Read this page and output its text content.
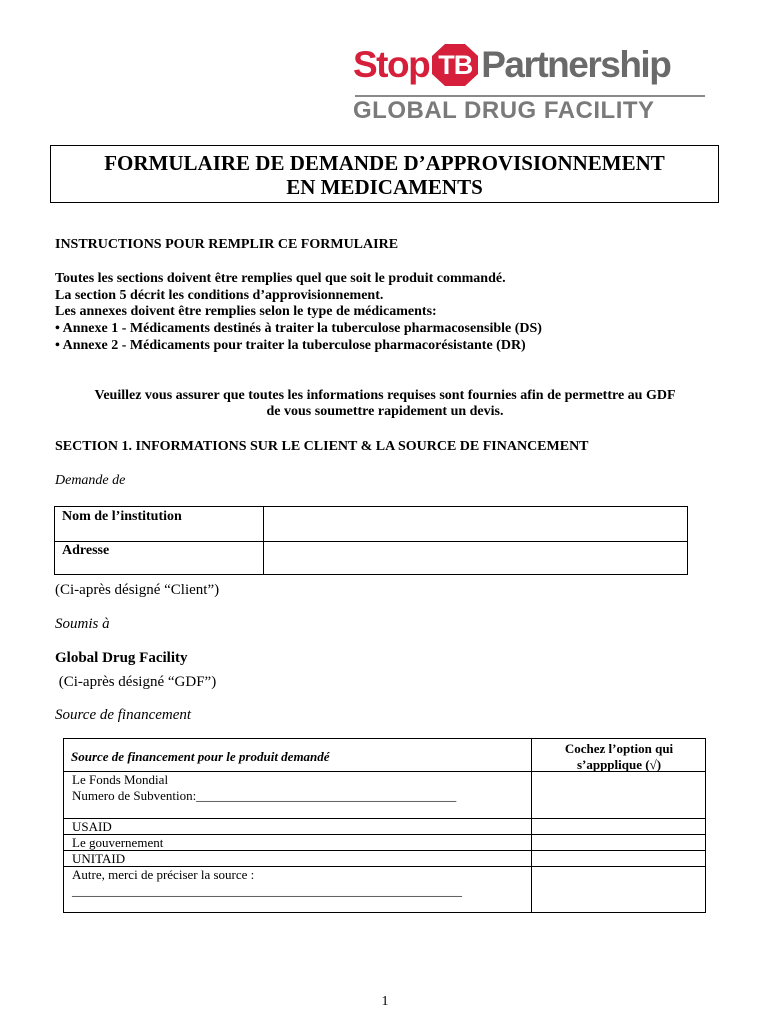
Stop TB Partnership
GLOBAL DRUG FACILITY
FORMULAIRE DE DEMANDE D’APPROVISIONNEMENT
EN MEDICAMENTS
INSTRUCTIONS POUR REMPLIR CE FORMULAIRE
Toutes les sections doivent être remplies quel que soit le produit commandé.
La section 5 décrit les conditions d’approvisionnement.
Les annexes doivent être remplies selon le type de médicaments:
• Annexe 1 - Médicaments destinés à traiter la tuberculose pharmacosensible (DS)
• Annexe 2 - Médicaments pour traiter la tuberculose pharmacorésistante (DR)
Veuillez vous assurer que toutes les informations requises sont fournies afin de permettre au GDF
de vous soumettre rapidement un devis.
SECTION 1. INFORMATIONS SUR LE CLIENT & LA SOURCE DE FINANCEMENT
Demande de
Nom de l’institution
Adresse
(Ci-après désigné “Client”)
Soumis à
Global Drug Facility
(Ci-après désigné “GDF”)
Source de financement
Source de financement pour le produit demandé
Cochez l’option qui
s’appplique (√)
Le Fonds Mondial
Numero de Subvention:________________________________________
USAID
Le gouvernement
UNITAID
Autre, merci de préciser la source :
____________________________________________________________
1
